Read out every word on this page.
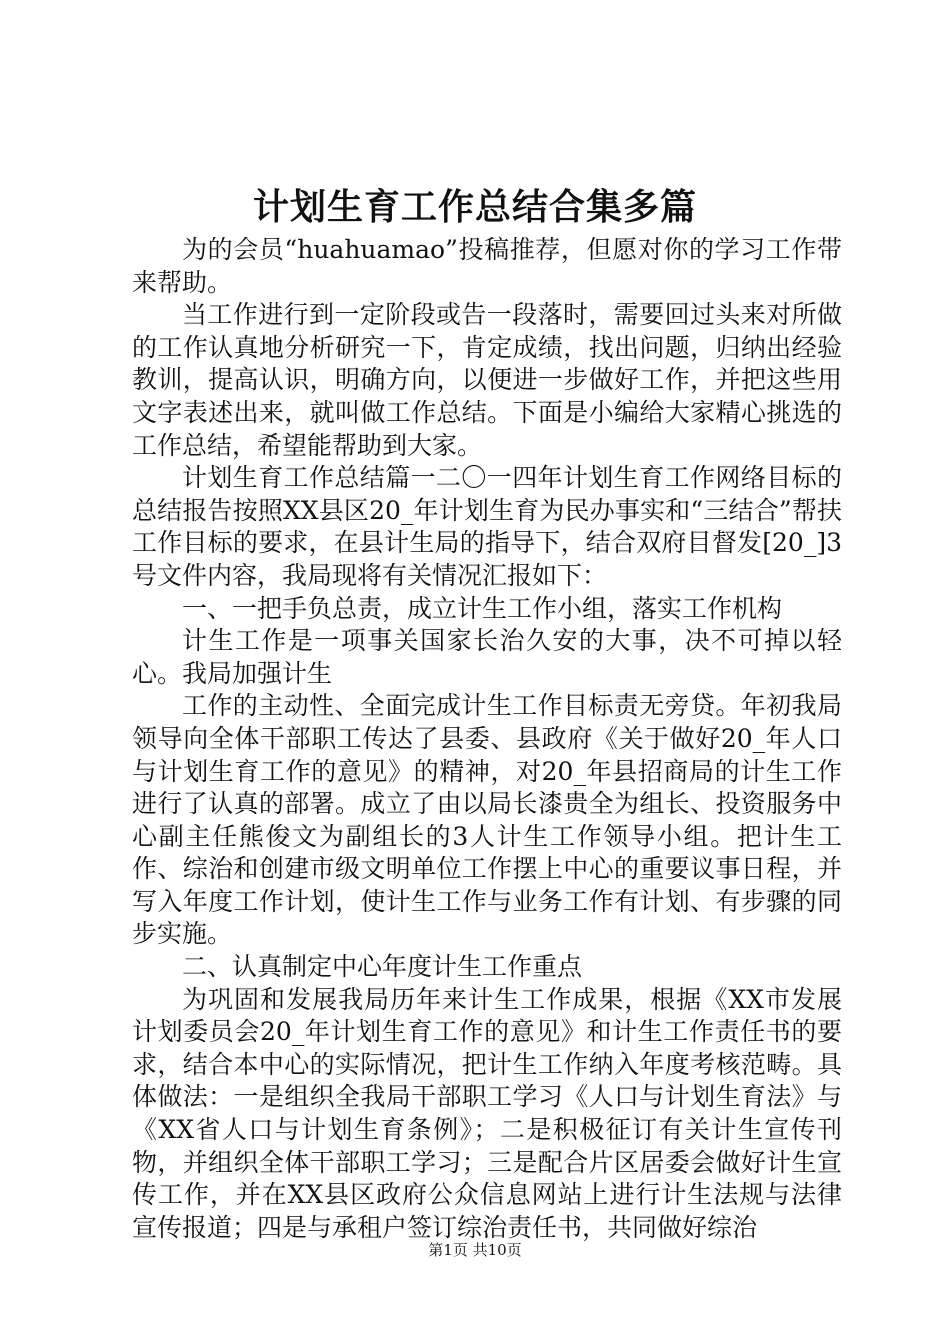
计划生育工作总结合集多篇

为的会员“huahuamao”投稿推荐，但愿对你的学习工作带来帮助。

当工作进行到一定阶段或告一段落时，需要回过头来对所做的工作认真地分析研究一下，肯定成绩，找出问题，归纳出经验教训，提高认识，明确方向，以便进一步做好工作，并把这些用文字表述出来，就叫做工作总结。下面是小编给大家精心挑选的工作总结，希望能帮助到大家。

计划生育工作总结篇一二〇一四年计划生育工作网络目标的总结报告按照XX县区20_年计划生育为民办事实和“三结合”帮扶工作目标的要求，在县计生局的指导下，结合双府目督发[20_]3号文件内容，我局现将有关情况汇报如下：

一、一把手负总责，成立计生工作小组，落实工作机构

计生工作是一项事关国家长治久安的大事，决不可掉以轻心。我局加强计生

工作的主动性、全面完成计生工作目标责无旁贷。年初我局领导向全体干部职工传达了县委、县政府《关于做好20_年人口与计划生育工作的意见》的精神，对20_年县招商局的计生工作进行了认真的部署。成立了由以局长漆贵全为组长、投资服务中心副主任熊俊文为副组长的3人计生工作领导小组。把计生工作、综治和创建市级文明单位工作摆上中心的重要议事日程，并写入年度工作计划，使计生工作与业务工作有计划、有步骤的同步实施。

二、认真制定中心年度计生工作重点

为巩固和发展我局历年来计生工作成果，根据《XX市发展计划委员会20_年计划生育工作的意见》和计生工作责任书的要求，结合本中心的实际情况，把计生工作纳入年度考核范畴。具体做法：一是组织全我局干部职工学习《人口与计划生育法》与《XX省人口与计划生育条例》；二是积极征订有关计生宣传刊物，并组织全体干部职工学习；三是配合片区居委会做好计生宣传工作，并在XX县区政府公众信息网站上进行计生法规与法律宣传报道；四是与承租户签订综治责任书，共同做好综治

第1页 共10页
